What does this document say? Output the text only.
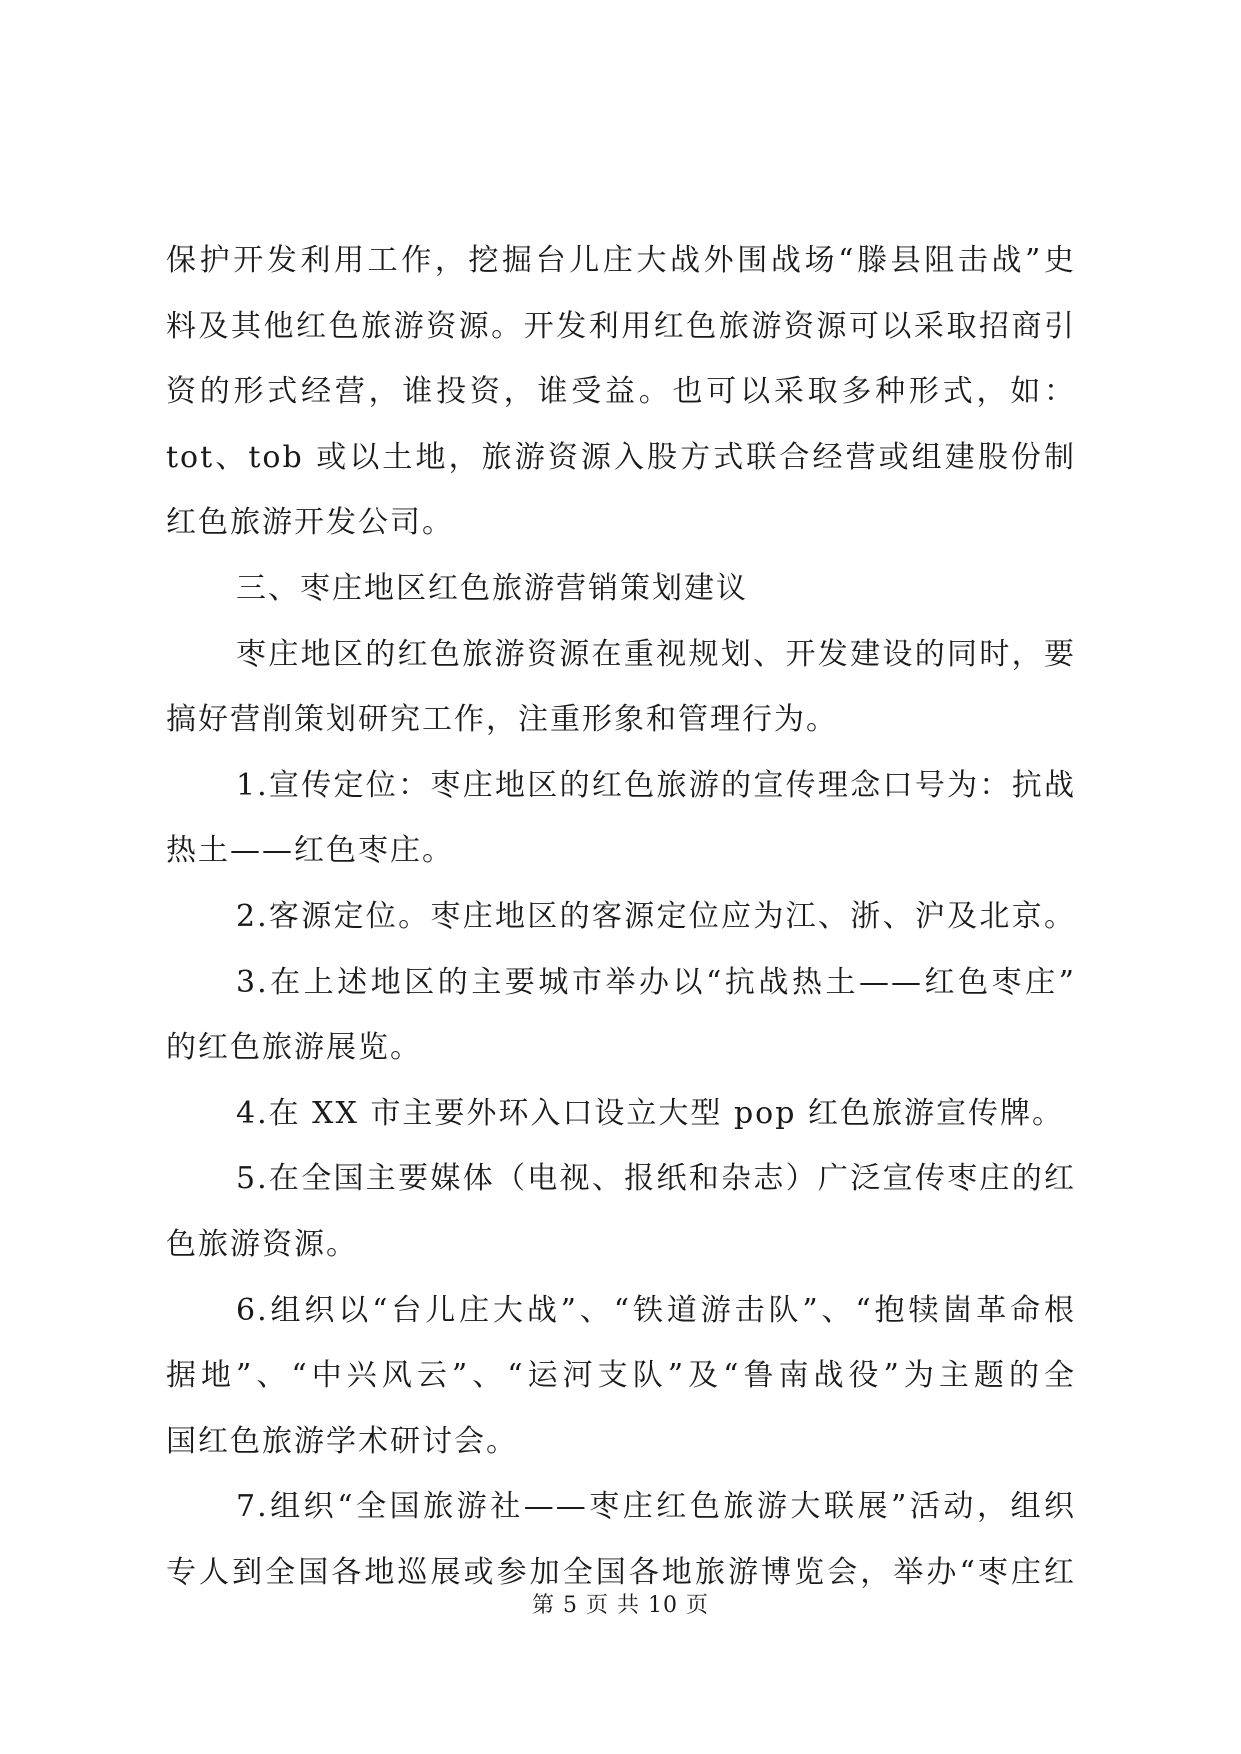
保护开发利用工作，挖掘台儿庄大战外围战场“滕县阻击战”史
料及其他红色旅游资源。开发利用红色旅游资源可以采取招商引
资的形式经营，谁投资，谁受益。也可以采取多种形式，如：
tot、tob 或以土地，旅游资源入股方式联合经营或组建股份制
红色旅游开发公司。
三、枣庄地区红色旅游营销策划建议
枣庄地区的红色旅游资源在重视规划、开发建设的同时，要
搞好营削策划研究工作，注重形象和管理行为。
1.宣传定位：枣庄地区的红色旅游的宣传理念口号为：抗战
热土——红色枣庄。
2.客源定位。枣庄地区的客源定位应为江、浙、沪及北京。
3.在上述地区的主要城市举办以“抗战热土——红色枣庄”
的红色旅游展览。
4.在 XX 市主要外环入口设立大型 pop 红色旅游宣传牌。
5.在全国主要媒体（电视、报纸和杂志）广泛宣传枣庄的红
色旅游资源。
6.组织以“台儿庄大战”、“铁道游击队”、“抱犊崮革命根
据地”、“中兴风云”、“运河支队”及“鲁南战役”为主题的全
国红色旅游学术研讨会。
7.组织“全国旅游社——枣庄红色旅游大联展”活动，组织
专人到全国各地巡展或参加全国各地旅游博览会，举办“枣庄红
第 5 页 共 10 页
